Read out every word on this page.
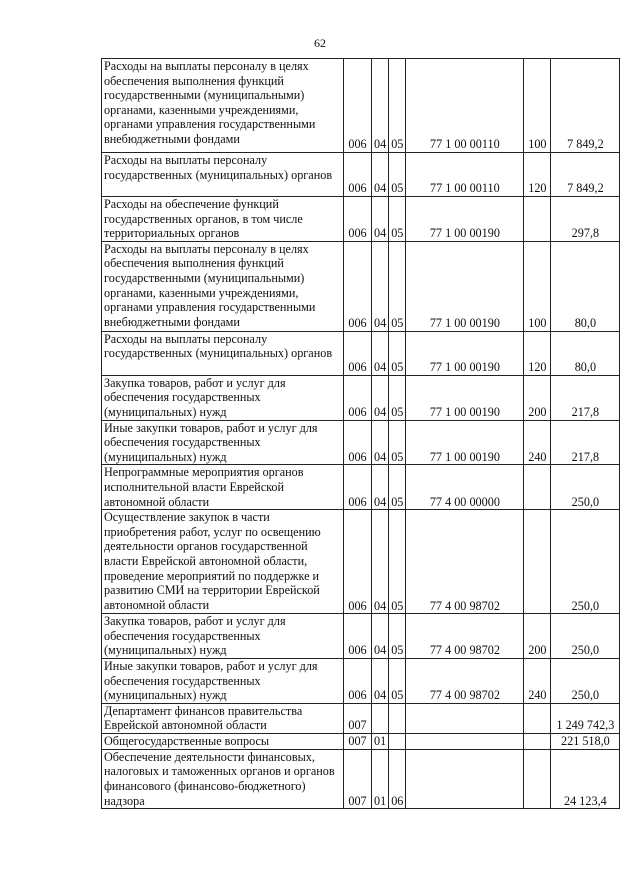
62
Расходы на выплаты персоналу в целях обеспечения выполнения функций государственными (муниципальными) органами, казенными учреждениями, органами управления государственными внебюджетными фондами	006	04	05	77 1 00 00110	100	7 849,2
Расходы на выплаты персоналу государственных (муниципальных) органов	006	04	05	77 1 00 00110	120	7 849,2
Расходы на обеспечение функций государственных органов, в том числе территориальных органов	006	04	05	77 1 00 00190		297,8
Расходы на выплаты персоналу в целях обеспечения выполнения функций государственными (муниципальными) органами, казенными учреждениями, органами управления государственными внебюджетными фондами	006	04	05	77 1 00 00190	100	80,0
Расходы на выплаты персоналу государственных (муниципальных) органов	006	04	05	77 1 00 00190	120	80,0
Закупка товаров, работ и услуг для обеспечения государственных (муниципальных) нужд	006	04	05	77 1 00 00190	200	217,8
Иные закупки товаров, работ и услуг для обеспечения государственных (муниципальных) нужд	006	04	05	77 1 00 00190	240	217,8
Непрограммные мероприятия органов исполнительной власти Еврейской автономной области	006	04	05	77 4 00 00000		250,0
Осуществление закупок в части приобретения работ, услуг по освещению деятельности органов государственной власти Еврейской автономной области, проведение мероприятий по поддержке и развитию СМИ на территории Еврейской автономной области	006	04	05	77 4 00 98702		250,0
Закупка товаров, работ и услуг для обеспечения государственных (муниципальных) нужд	006	04	05	77 4 00 98702	200	250,0
Иные закупки товаров, работ и услуг для обеспечения государственных (муниципальных) нужд	006	04	05	77 4 00 98702	240	250,0
Департамент финансов правительства Еврейской автономной области	007					1 249 742,3
Общегосударственные вопросы	007	01				221 518,0
Обеспечение деятельности финансовых, налоговых и таможенных органов и органов финансового (финансово-бюджетного) надзора	007	01	06			24 123,4
